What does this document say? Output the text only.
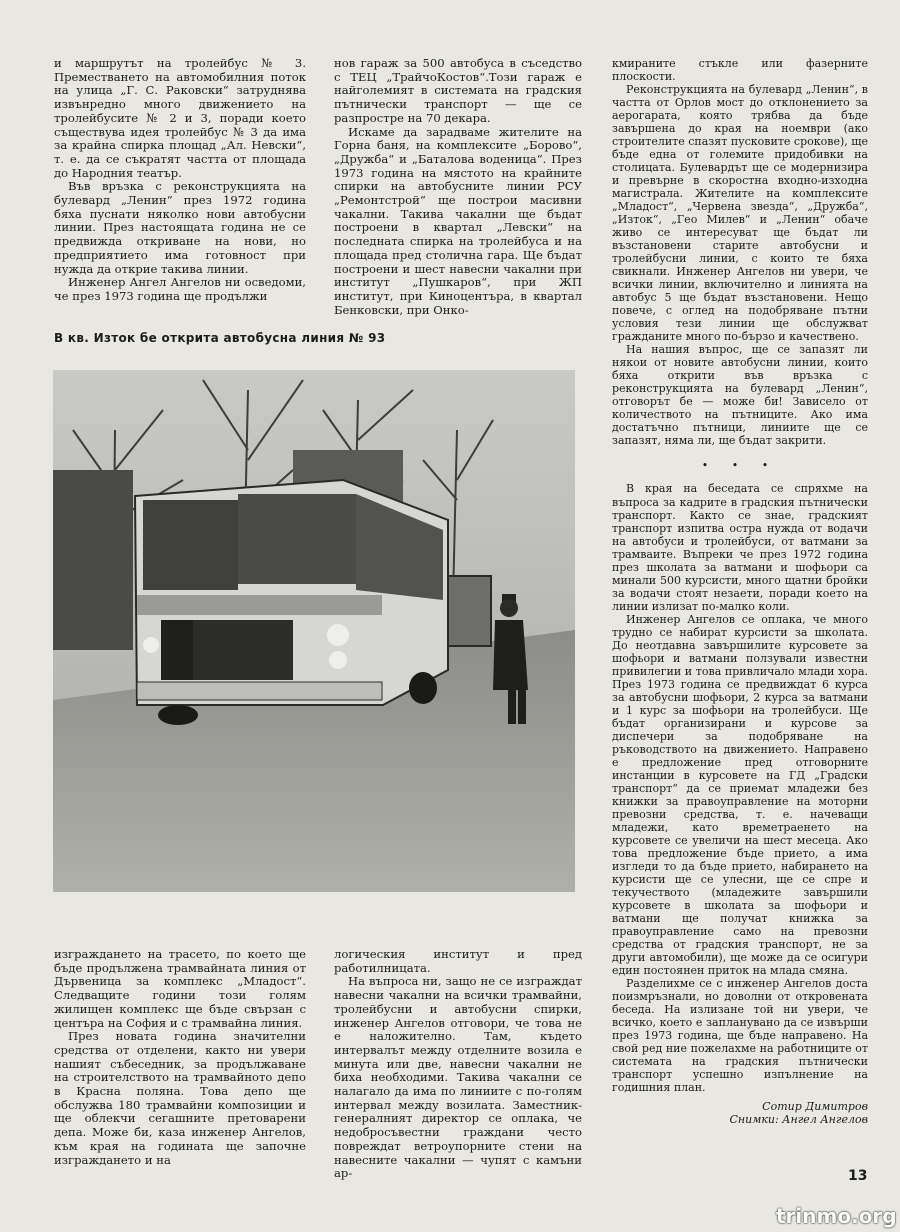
и маршрутът на тролейбус № 3. Преместването на автомобилния поток на улица „Г. С. Раковски“ затруднява извънредно много движението на тролейбусите № 2 и 3, поради което съществува идея тролейбус № 3 да има за крайна спирка площад „Ал. Невски“, т. е. да се съкратят частта от площада до Народния театър.

Във връзка с реконструкцията на булевард „Ленин“ през 1972 година бяха пуснати няколко нови автобусни линии. През настоящата година не се предвижда откриване на нови, но предприятието има готовност при нужда да открие такива линии.

Инженер Ангел Ангелов ни осведоми, че през 1973 година ще продължи

нов гараж за 500 автобуса в съседство с ТЕЦ „ТрайчоКостов“.Този гараж е найголемият в системата на градския пътнически транспорт — ще се разпростре на 70 декара.

Искаме да зарадваме жителите на Горна баня, на комплексите „Борово“, „Дружба“ и „Баталова воденица“. През 1973 година на мястото на крайните спирки на автобусните линии РСУ „Ремонтстрой“ ще построи масивни чакални. Такива чакални ще бъдат построени в квартал „Левски“ на последната спирка на тролейбуса и на площада пред столична гара. Ще бъдат построени и шест навесни чакални при институт „Пушкаров“, при ЖП институт, при Киноцентъра, в квартал Бенковски, при Онко-

В кв. Изток бе открита автобусна линия № 93

изграждането на трасето, по което ще бъде продължена трамвайната линия от Дървеница за комплекс „Младост“. Следващите години този голям жилищен комплекс ще бъде свързан с центъра на София и с трамвайна линия.

През новата година значителни средства от отделени, както ни увери нашият събеседник, за продължаване на строителството на трамвайното депо в Красна поляна. Това депо ще обслужва 180 трамвайни композиции и ще облекчи сегашните претоварени депа. Може би, каза инженер Ангелов, към края на годината ще започне изграждането и на

логическия институт и пред работилницата.

На въпроса ни, защо не се изграждат навесни чакални на всички трамвайни, тролейбусни и автобусни спирки, инженер Ангелов отговори, че това не е наложително. Там, където интервалът между отделните возила е минута или две, навесни чакални не биха необходими. Такива чакални се налагало да има по линиите с по-голям интервал между возилата. Заместник-генералният директор се оплака, че недобросъвестни граждани често повреждат ветроупорните стени на навесните чакални — чупят с камъни ар-

кмираните стъкле или фазерните плоскости.

Реконструкцията на булевард „Ленин“, в частта от Орлов мост до отклонението за аерогарата, която трябва да бъде завършена до края на ноември (ако строителите спазят пусковите срокове), ще бъде една от големите придобивки на столицата. Булевардът ще се модернизира и превърне в скоростна входно-изходна магистрала. Жителите на комплексите „Младост“, „Червена звезда“, „Дружба“, „Изток“, „Гео Милев“ и „Ленин“ обаче живо се интересуват ще бъдат ли възстановени старите автобусни и тролейбусни линии, с които те бяха свикнали. Инженер Ангелов ни увери, че всички линии, включително и линията на автобус 5 ще бъдат възстановени. Нещо повече, с оглед на подобряване пътни условия тези линии ще обслужват гражданите много по-бързо и качествено.

На нашия въпрос, ще се запазят ли някои от новите автобусни линии, които бяха открити във връзка с реконструкцията на булевард „Ленин“, отговорът бе — може би! Зависело от количеството на пътниците. Ако има достатъчно пътници, линиите ще се запазят, няма ли, ще бъдат закрити.

• • •

В края на беседата се спряхме на въпроса за кадрите в градския пътнически транспорт. Както се знае, градският транспорт изпитва остра нужда от водачи на автобуси и тролейбуси, от ватмани за трамваите. Въпреки че през 1972 година през школата за ватмани и шофьори са минали 500 курсисти, много щатни бройки за водачи стоят незаети, поради което на линии излизат по-малко коли.

Инженер Ангелов се оплака, че много трудно се набират курсисти за школата. До неотдавна завършилите курсовете за шофьори и ватмани ползували известни привилегии и това привличало млади хора. През 1973 година се предвиждат 6 курса за автобусни шофьори, 2 курса за ватмани и 1 курс за шофьори на тролейбуси. Ще бъдат организирани и курсове за диспечери за подобряване на ръководството на движението. Направено е предложение пред отговорните инстанции в курсовете на ГД „Градски транспорт“ да се приемат младежи без книжки за правоуправление на моторни превозни средства, т. е. начеващи младежи, като времетраенето на курсовете се увеличи на шест месеца. Ако това предложение бъде прието, а има изгледи то да бъде прието, набирането на курсисти ще се улесни, ще се спре и текучеството (младежите завършили курсовете в школата за шофьори и ватмани ще получат книжка за правоуправление само на превозни средства от градския транспорт, не за други автомобили), ще може да се осигури един постоянен приток на млада смяна.

Разделихме се с инженер Ангелов доста поизмръзнали, но доволни от откровената беседа. На излизане той ни увери, че всичко, което е запланувано да се извърши през 1973 година, ще бъде направено. На свой ред ние пожелахме на работниците от системата на градския пътнически транспорт успешно изпълнение на годишния план.

Сотир Димитров
Снимки: Ангел Ангелов
13
trinmo.org
